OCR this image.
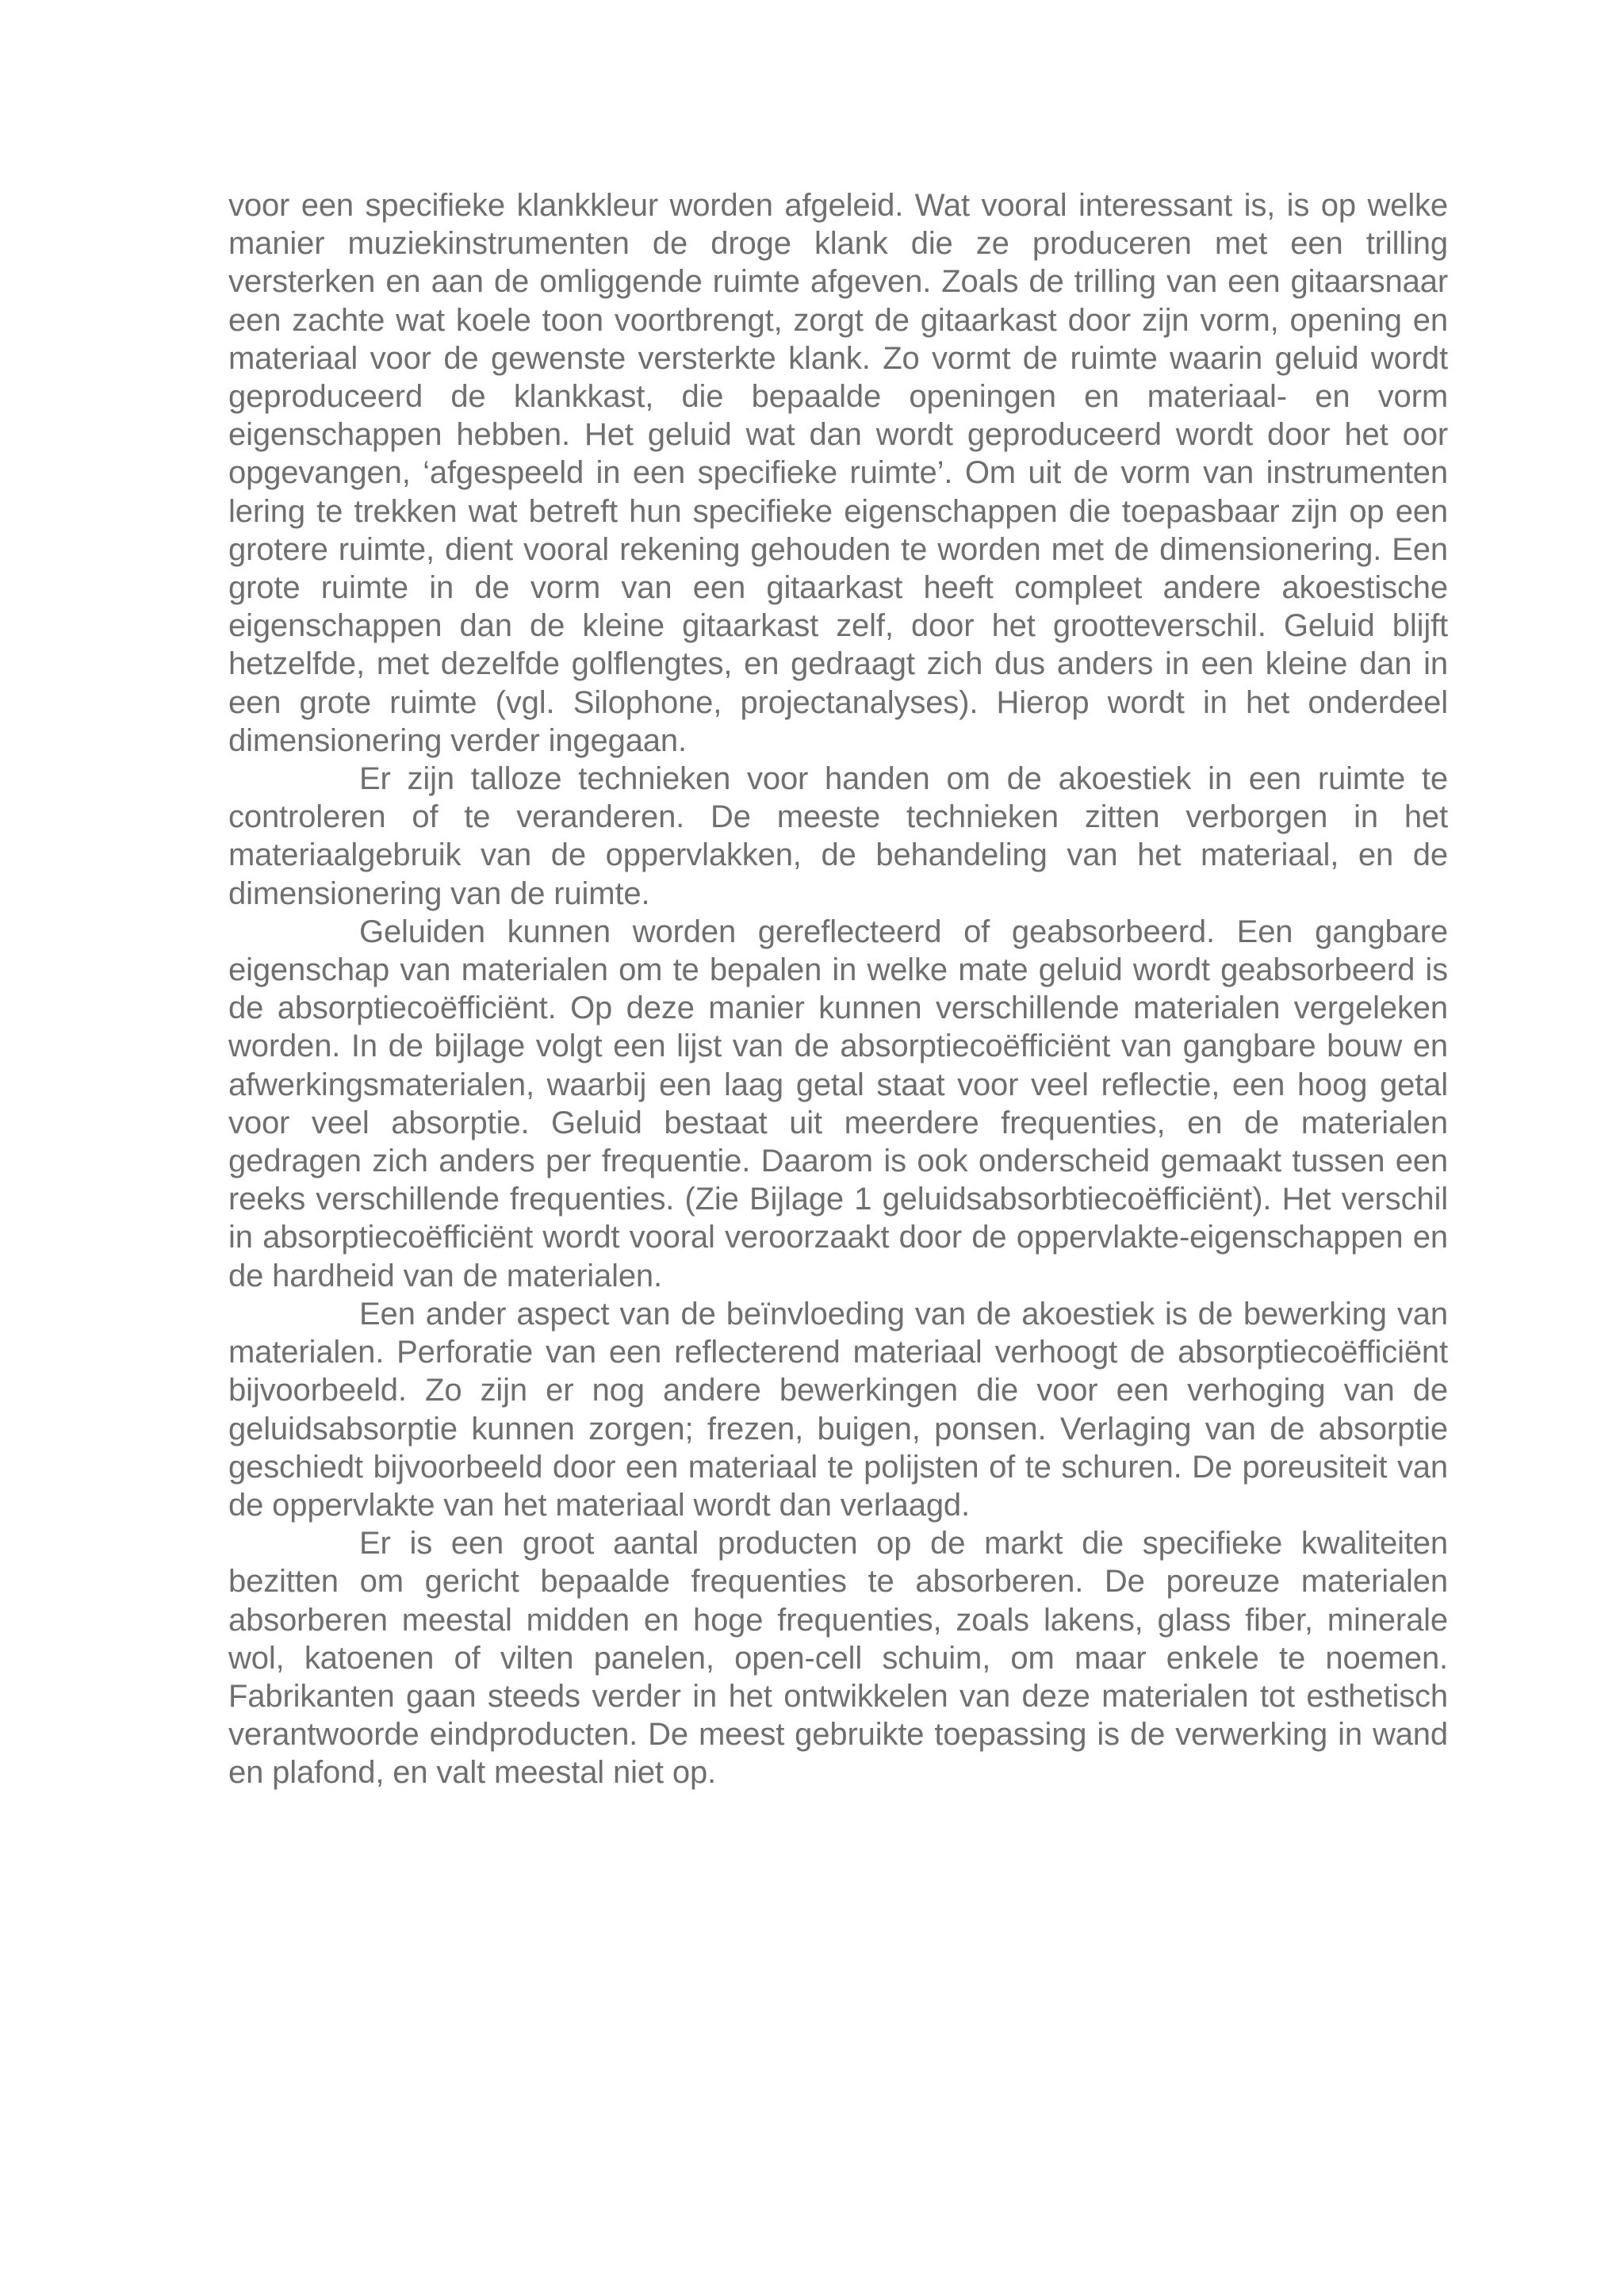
voor een specifieke klankkleur worden afgeleid. Wat vooral interessant is, is op welke manier muziekinstrumenten de droge klank die ze produceren met een trilling versterken en aan de omliggende ruimte afgeven. Zoals de trilling van een gitaarsnaar een zachte wat koele toon voortbrengt, zorgt de gitaarkast door zijn vorm, opening en materiaal voor de gewenste versterkte klank. Zo vormt de ruimte waarin geluid wordt geproduceerd de klankkast, die bepaalde openingen en materiaal- en vorm eigenschappen hebben. Het geluid wat dan wordt geproduceerd wordt door het oor opgevangen, ‘afgespeeld in een specifieke ruimte’. Om uit de vorm van instrumenten lering te trekken wat betreft hun specifieke eigenschappen die toepasbaar zijn op een grotere ruimte, dient vooral rekening gehouden te worden met de dimensionering. Een grote ruimte in de vorm van een gitaarkast heeft compleet andere akoestische eigenschappen dan de kleine gitaarkast zelf, door het grootteverschil. Geluid blijft hetzelfde, met dezelfde golflengtes, en gedraagt zich dus anders in een kleine dan in een grote ruimte (vgl. Silophone, projectanalyses). Hierop wordt in het onderdeel dimensionering verder ingegaan.

Er zijn talloze technieken voor handen om de akoestiek in een ruimte te controleren of te veranderen. De meeste technieken zitten verborgen in het materiaalgebruik van de oppervlakken, de behandeling van het materiaal, en de dimensionering van de ruimte.

Geluiden kunnen worden gereflecteerd of geabsorbeerd. Een gangbare eigenschap van materialen om te bepalen in welke mate geluid wordt geabsorbeerd is de absorptiecoëfficiënt. Op deze manier kunnen verschillende materialen vergeleken worden. In de bijlage volgt een lijst van de absorptiecoëfficiënt van gangbare bouw en afwerkingsmaterialen, waarbij een laag getal staat voor veel reflectie, een hoog getal voor veel absorptie. Geluid bestaat uit meerdere frequenties, en de materialen gedragen zich anders per frequentie. Daarom is ook onderscheid gemaakt tussen een reeks verschillende frequenties. (Zie Bijlage 1 geluidsabsorbtiecoëfficiënt). Het verschil in absorptiecoëfficiënt wordt vooral veroorzaakt door de oppervlakte-eigenschappen en de hardheid van de materialen.

Een ander aspect van de beïnvloeding van de akoestiek is de bewerking van materialen. Perforatie van een reflecterend materiaal verhoogt de absorptiecoëfficiënt bijvoorbeeld. Zo zijn er nog andere bewerkingen die voor een verhoging van de geluidsabsorptie kunnen zorgen; frezen, buigen, ponsen. Verlaging van de absorptie geschiedt bijvoorbeeld door een materiaal te polijsten of te schuren. De poreusiteit van de oppervlakte van het materiaal wordt dan verlaagd.

Er is een groot aantal producten op de markt die specifieke kwaliteiten bezitten om gericht bepaalde frequenties te absorberen. De poreuze materialen absorberen meestal midden en hoge frequenties, zoals lakens, glass fiber, minerale wol, katoenen of vilten panelen, open-cell schuim, om maar enkele te noemen. Fabrikanten gaan steeds verder in het ontwikkelen van deze materialen tot esthetisch verantwoorde eindproducten. De meest gebruikte toepassing is de verwerking in wand en plafond, en valt meestal niet op.
